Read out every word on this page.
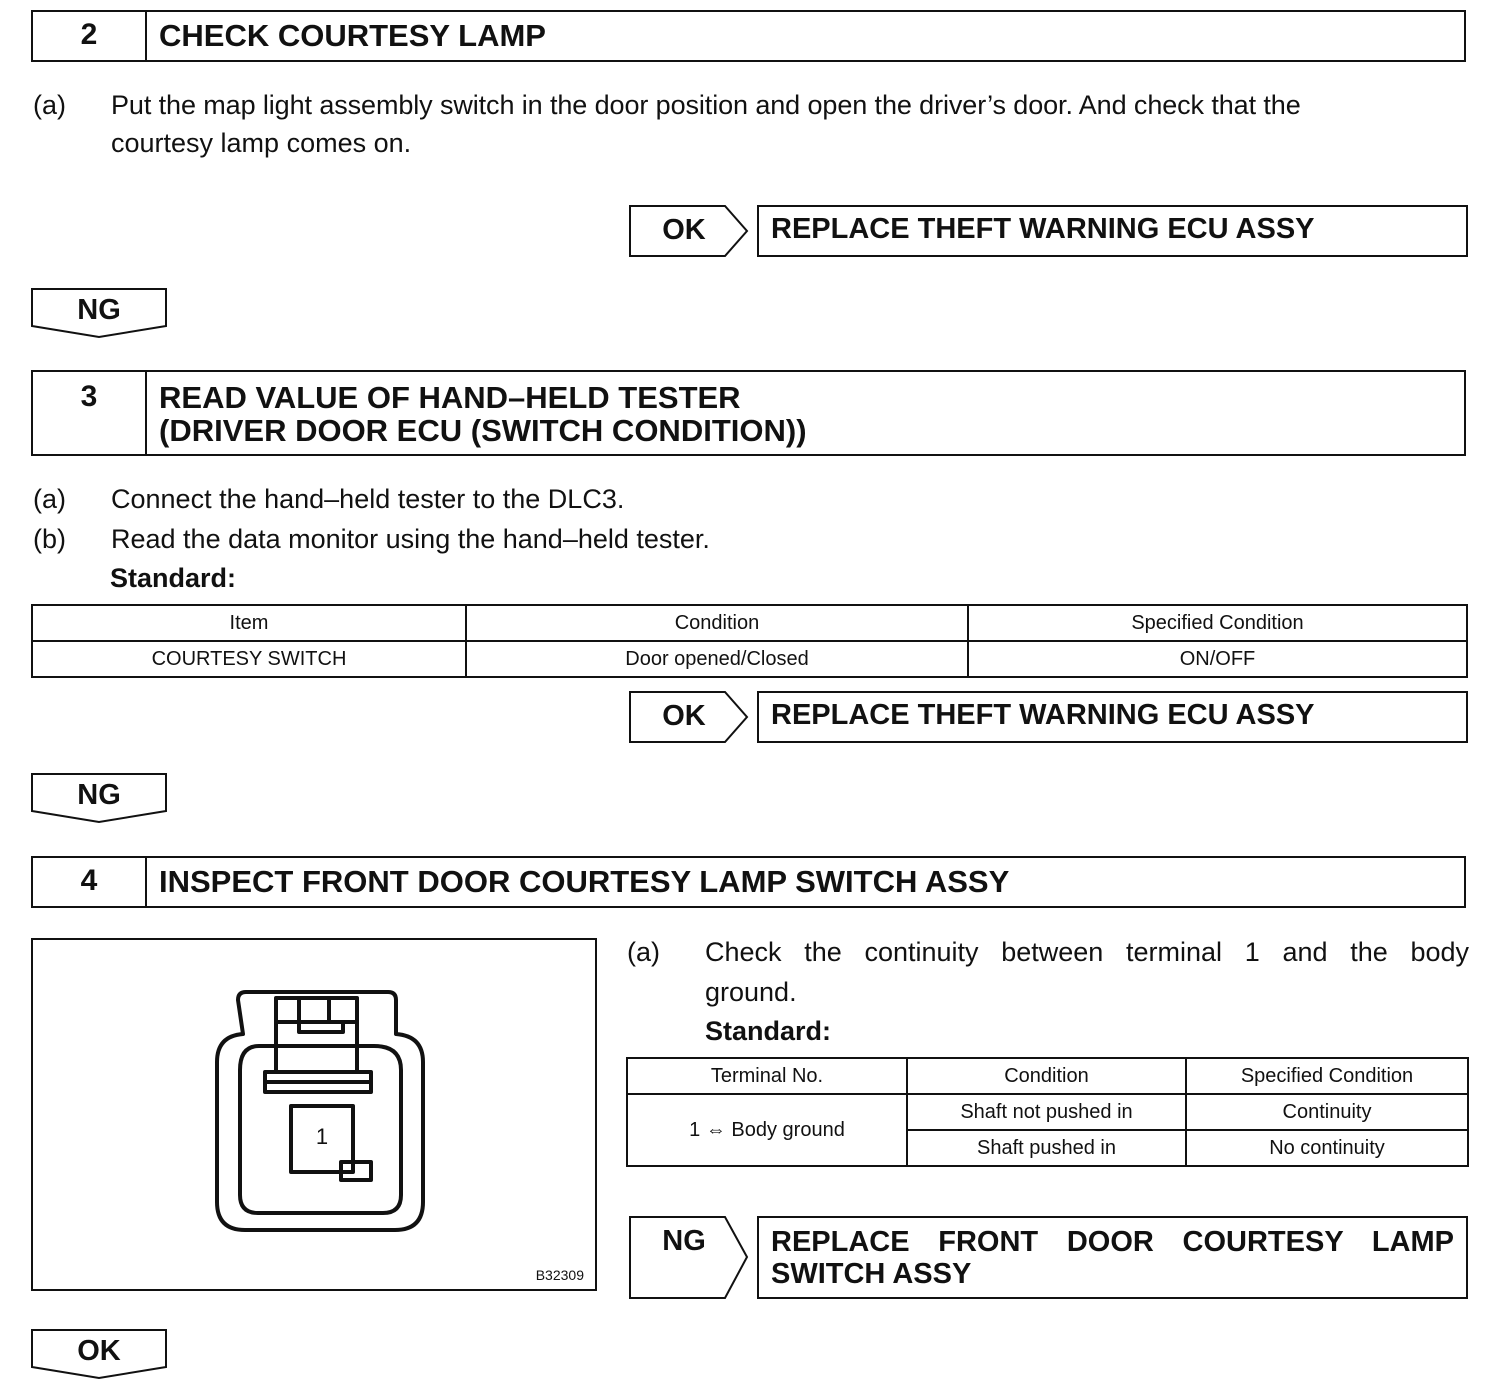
2	CHECK COURTESY LAMP
(a) Put the map light assembly switch in the door position and open the driver’s door. And check that the
courtesy lamp comes on.
OK	REPLACE THEFT WARNING ECU ASSY
NG
3	READ VALUE OF HAND–HELD TESTER
(DRIVER DOOR ECU (SWITCH CONDITION))
(a) Connect the hand–held tester to the DLC3.
(b) Read the data monitor using the hand–held tester.
Standard:
Item	Condition	Specified Condition
COURTESY SWITCH	Door opened/Closed	ON/OFF
OK	REPLACE THEFT WARNING ECU ASSY
NG
4	INSPECT FRONT DOOR COURTESY LAMP SWITCH ASSY
1
B32309
(a) Check the continuity between terminal 1 and the body
ground.
Standard:
Terminal No.	Condition	Specified Condition
1 ⇔ Body ground	Shaft not pushed in	Continuity
	Shaft pushed in	No continuity
NG	REPLACE FRONT DOOR COURTESY LAMP
SWITCH ASSY
OK
